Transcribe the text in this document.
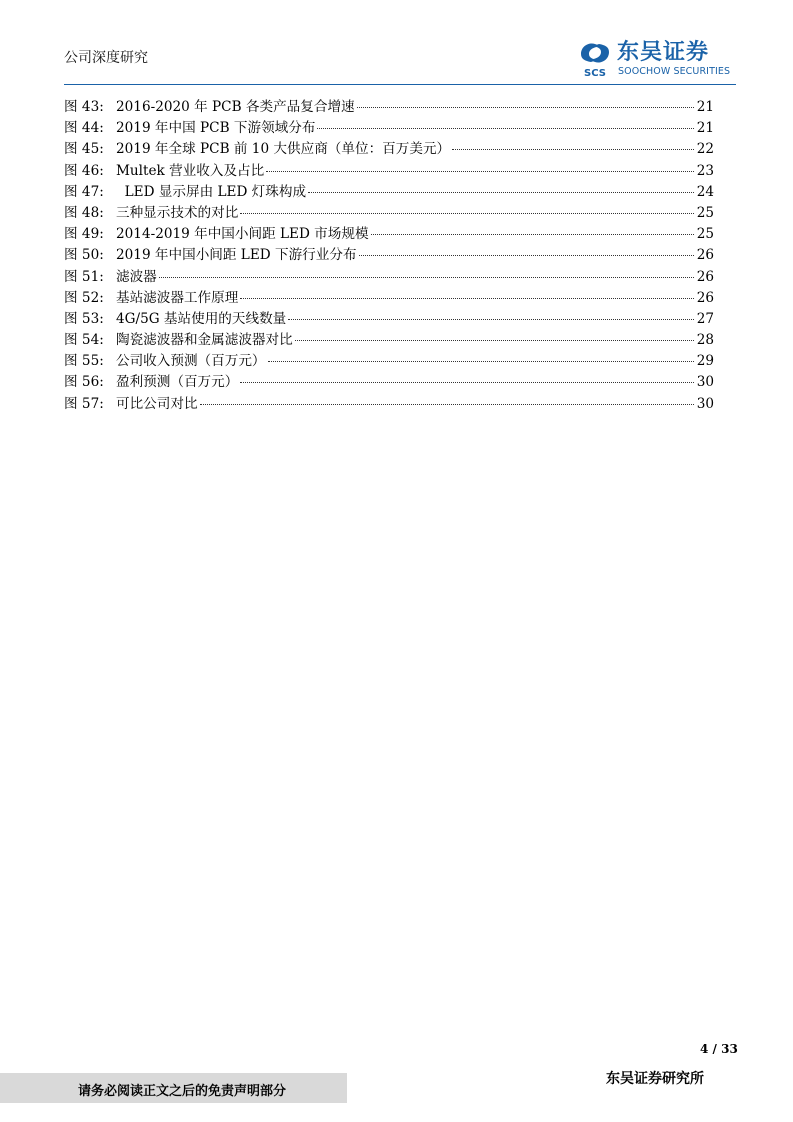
公司深度研究
SCS
东吴证券
SOOCHOW SECURITIES
图 43: 2016-2020 年 PCB 各类产品复合增速	21
图 44: 2019 年中国 PCB 下游领域分布	21
图 45: 2019 年全球 PCB 前 10 大供应商（单位：百万美元）	22
图 46: Multek 营业收入及占比	23
图 47: LED 显示屏由 LED 灯珠构成	24
图 48: 三种显示技术的对比	25
图 49: 2014-2019 年中国小间距 LED 市场规模	25
图 50: 2019 年中国小间距 LED 下游行业分布	26
图 51: 滤波器	26
图 52: 基站滤波器工作原理	26
图 53: 4G/5G 基站使用的天线数量	27
图 54: 陶瓷滤波器和金属滤波器对比	28
图 55: 公司收入预测（百万元）	29
图 56: 盈利预测（百万元）	30
图 57: 可比公司对比	30
4 / 33
请务必阅读正文之后的免责声明部分
东吴证券研究所
